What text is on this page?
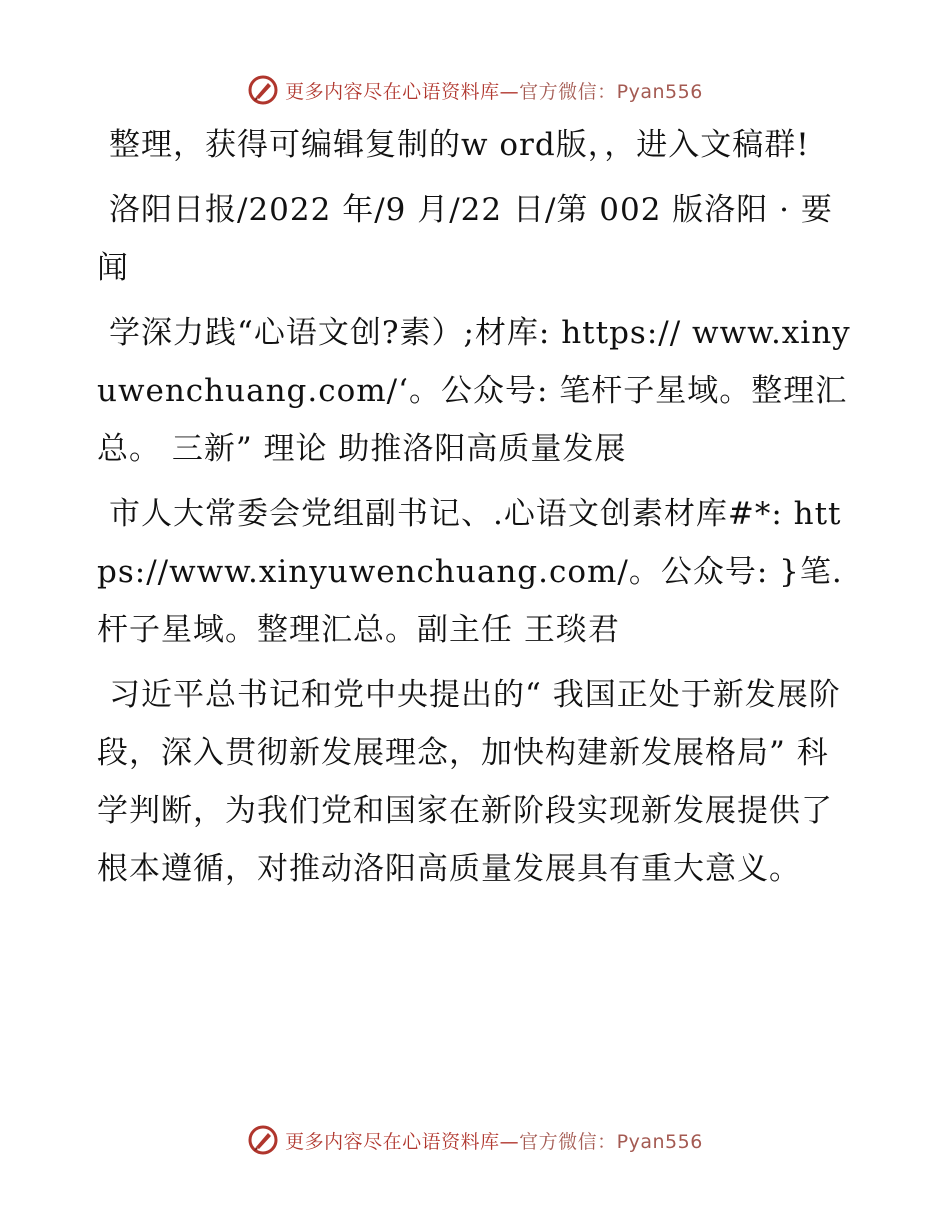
更多内容尽在心语资料库—官方微信：Pyan556

整理，获得可编辑复制的w ord版，，进入文稿群!

洛阳日报/2022 年/9 月/22 日/第 002 版洛阳 · 要闻

学深力践“心语文创?素）;材库: https:// www.xinyuwenchuang.com/‘。公众号: 笔杆子星域。整理汇总。 三新” 理论 助推洛阳高质量发展

市人大常委会党组副书记、.心语文创素材库#*: https://www.xinyuwenchuang.com/。公众号: }笔.杆子星域。整理汇总。副主任 王琰君

习近平总书记和党中央提出的“ 我国正处于新发展阶段，深入贯彻新发展理念，加快构建新发展格局” 科学判断，为我们党和国家在新阶段实现新发展提供了根本遵循，对推动洛阳高质量发展具有重大意义。

更多内容尽在心语资料库—官方微信：Pyan556
